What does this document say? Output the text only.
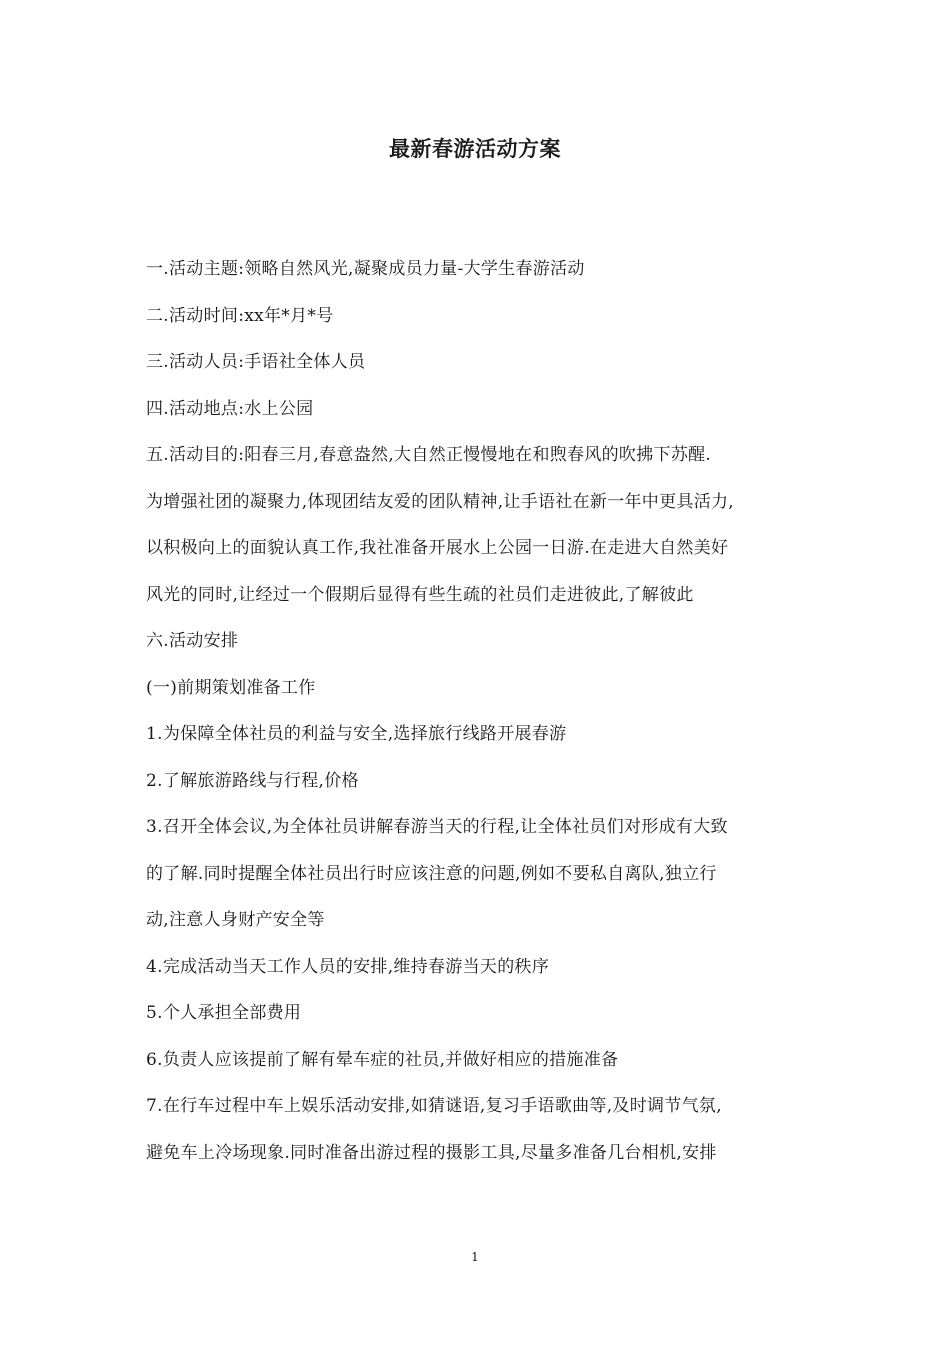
最新春游活动方案
一.活动主题:领略自然风光,凝聚成员力量-大学生春游活动
二.活动时间:xx年*月*号
三.活动人员:手语社全体人员
四.活动地点:水上公园
五.活动目的:阳春三月,春意盎然,大自然正慢慢地在和煦春风的吹拂下苏醒.
为增强社团的凝聚力,体现团结友爱的团队精神,让手语社在新一年中更具活力,
以积极向上的面貌认真工作,我社准备开展水上公园一日游.在走进大自然美好
风光的同时,让经过一个假期后显得有些生疏的社员们走进彼此,了解彼此
六.活动安排
(一)前期策划准备工作
1.为保障全体社员的利益与安全,选择旅行线路开展春游
2.了解旅游路线与行程,价格
3.召开全体会议,为全体社员讲解春游当天的行程,让全体社员们对形成有大致
的了解.同时提醒全体社员出行时应该注意的问题,例如不要私自离队,独立行
动,注意人身财产安全等
4.完成活动当天工作人员的安排,维持春游当天的秩序
5.个人承担全部费用
6.负责人应该提前了解有晕车症的社员,并做好相应的措施准备
7.在行车过程中车上娱乐活动安排,如猜谜语,复习手语歌曲等,及时调节气氛,
避免车上冷场现象.同时准备出游过程的摄影工具,尽量多准备几台相机,安排
1
